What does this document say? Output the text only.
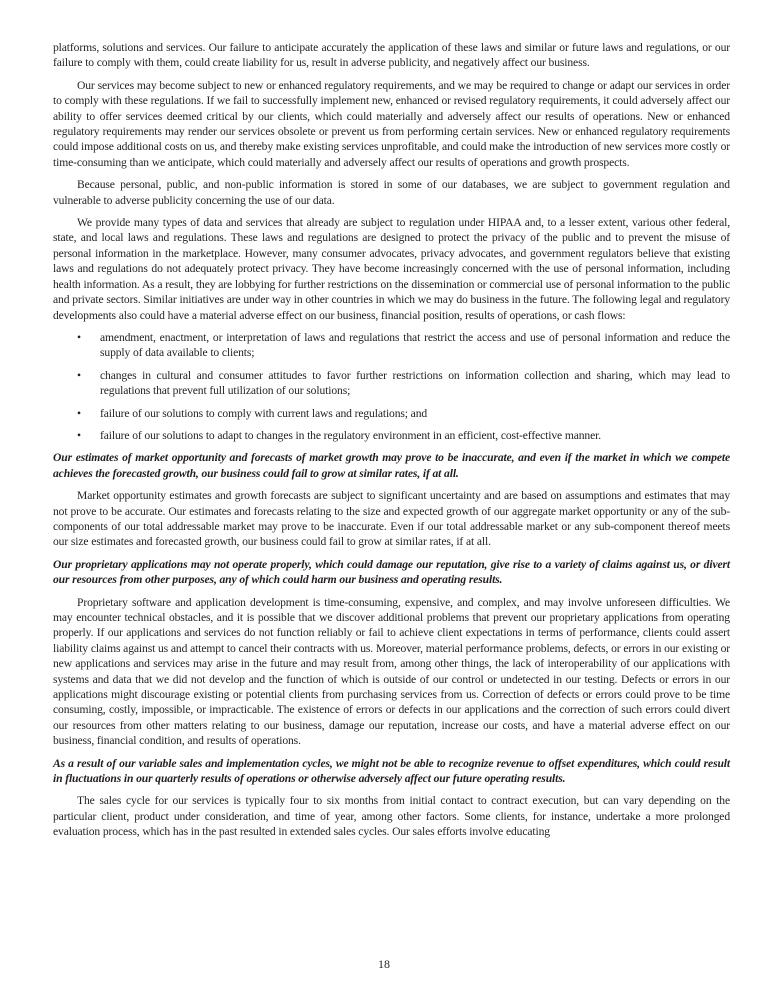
platforms, solutions and services. Our failure to anticipate accurately the application of these laws and similar or future laws and regulations, or our failure to comply with them, could create liability for us, result in adverse publicity, and negatively affect our business.

Our services may become subject to new or enhanced regulatory requirements, and we may be required to change or adapt our services in order to comply with these regulations. If we fail to successfully implement new, enhanced or revised regulatory requirements, it could adversely affect our ability to offer services deemed critical by our clients, which could materially and adversely affect our results of operations. New or enhanced regulatory requirements may render our services obsolete or prevent us from performing certain services. New or enhanced regulatory requirements could impose additional costs on us, and thereby make existing services unprofitable, and could make the introduction of new services more costly or time-consuming than we anticipate, which could materially and adversely affect our results of operations and growth prospects.

Because personal, public, and non-public information is stored in some of our databases, we are subject to government regulation and vulnerable to adverse publicity concerning the use of our data.

We provide many types of data and services that already are subject to regulation under HIPAA and, to a lesser extent, various other federal, state, and local laws and regulations. These laws and regulations are designed to protect the privacy of the public and to prevent the misuse of personal information in the marketplace. However, many consumer advocates, privacy advocates, and government regulators believe that existing laws and regulations do not adequately protect privacy. They have become increasingly concerned with the use of personal information, including health information. As a result, they are lobbying for further restrictions on the dissemination or commercial use of personal information to the public and private sectors. Similar initiatives are under way in other countries in which we may do business in the future. The following legal and regulatory developments also could have a material adverse effect on our business, financial position, results of operations, or cash flows:

• amendment, enactment, or interpretation of laws and regulations that restrict the access and use of personal information and reduce the supply of data available to clients;
• changes in cultural and consumer attitudes to favor further restrictions on information collection and sharing, which may lead to regulations that prevent full utilization of our solutions;
• failure of our solutions to comply with current laws and regulations; and
• failure of our solutions to adapt to changes in the regulatory environment in an efficient, cost-effective manner.
Our estimates of market opportunity and forecasts of market growth may prove to be inaccurate, and even if the market in which we compete achieves the forecasted growth, our business could fail to grow at similar rates, if at all.

Market opportunity estimates and growth forecasts are subject to significant uncertainty and are based on assumptions and estimates that may not prove to be accurate. Our estimates and forecasts relating to the size and expected growth of our aggregate market opportunity or any of the sub-components of our total addressable market may prove to be inaccurate. Even if our total addressable market or any sub-component thereof meets our size estimates and forecasted growth, our business could fail to grow at similar rates, if at all.

Our proprietary applications may not operate properly, which could damage our reputation, give rise to a variety of claims against us, or divert our resources from other purposes, any of which could harm our business and operating results.

Proprietary software and application development is time-consuming, expensive, and complex, and may involve unforeseen difficulties. We may encounter technical obstacles, and it is possible that we discover additional problems that prevent our proprietary applications from operating properly. If our applications and services do not function reliably or fail to achieve client expectations in terms of performance, clients could assert liability claims against us and attempt to cancel their contracts with us. Moreover, material performance problems, defects, or errors in our existing or new applications and services may arise in the future and may result from, among other things, the lack of interoperability of our applications with systems and data that we did not develop and the function of which is outside of our control or undetected in our testing. Defects or errors in our applications might discourage existing or potential clients from purchasing services from us. Correction of defects or errors could prove to be time consuming, costly, impossible, or impracticable. The existence of errors or defects in our applications and the correction of such errors could divert our resources from other matters relating to our business, damage our reputation, increase our costs, and have a material adverse effect on our business, financial condition, and results of operations.

As a result of our variable sales and implementation cycles, we might not be able to recognize revenue to offset expenditures, which could result in fluctuations in our quarterly results of operations or otherwise adversely affect our future operating results.

The sales cycle for our services is typically four to six months from initial contact to contract execution, but can vary depending on the particular client, product under consideration, and time of year, among other factors. Some clients, for instance, undertake a more prolonged evaluation process, which has in the past resulted in extended sales cycles. Our sales efforts involve educating

18
